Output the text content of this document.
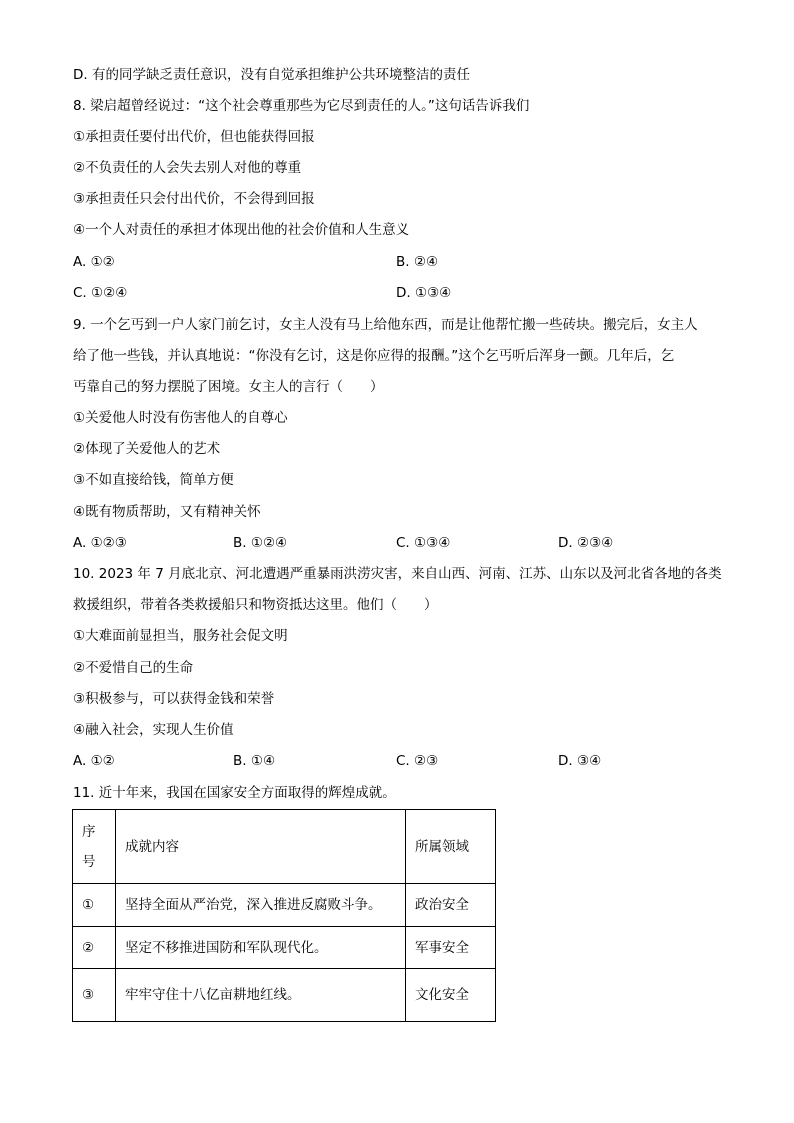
D. 有的同学缺乏责任意识，没有自觉承担维护公共环境整洁的责任
8. 梁启超曾经说过：“这个社会尊重那些为它尽到责任的人。”这句话告诉我们
①承担责任要付出代价，但也能获得回报
②不负责任的人会失去别人对他的尊重
③承担责任只会付出代价，不会得到回报
④一个人对责任的承担才体现出他的社会价值和人生意义
A. ①②	B. ②④
C. ①②④	D. ①③④
9. 一个乞丐到一户人家门前乞讨，女主人没有马上给他东西，而是让他帮忙搬一些砖块。搬完后，女主人
给了他一些钱，并认真地说：“你没有乞讨，这是你应得的报酬。”这个乞丐听后浑身一颤。几年后，乞
丐靠自己的努力摆脱了困境。女主人的言行（　　）
①关爱他人时没有伤害他人的自尊心
②体现了关爱他人的艺术
③不如直接给钱，简单方便
④既有物质帮助，又有精神关怀
A. ①②③	B. ①②④	C. ①③④	D. ②③④
10. 2023 年 7 月底北京、河北遭遇严重暴雨洪涝灾害，来自山西、河南、江苏、山东以及河北省各地的各类
救援组织，带着各类救援船只和物资抵达这里。他们（　　）
①大难面前显担当，服务社会促文明
②不爱惜自己的生命
③积极参与，可以获得金钱和荣誉
④融入社会，实现人生价值
A. ①②	B. ①④	C. ②③	D. ③④
11. 近十年来，我国在国家安全方面取得的辉煌成就。
序
号	成就内容	所属领域
①	坚持全面从严治党，深入推进反腐败斗争。	政治安全
②	坚定不移推进国防和军队现代化。	军事安全
③	牢牢守住十八亿亩耕地红线。	文化安全
